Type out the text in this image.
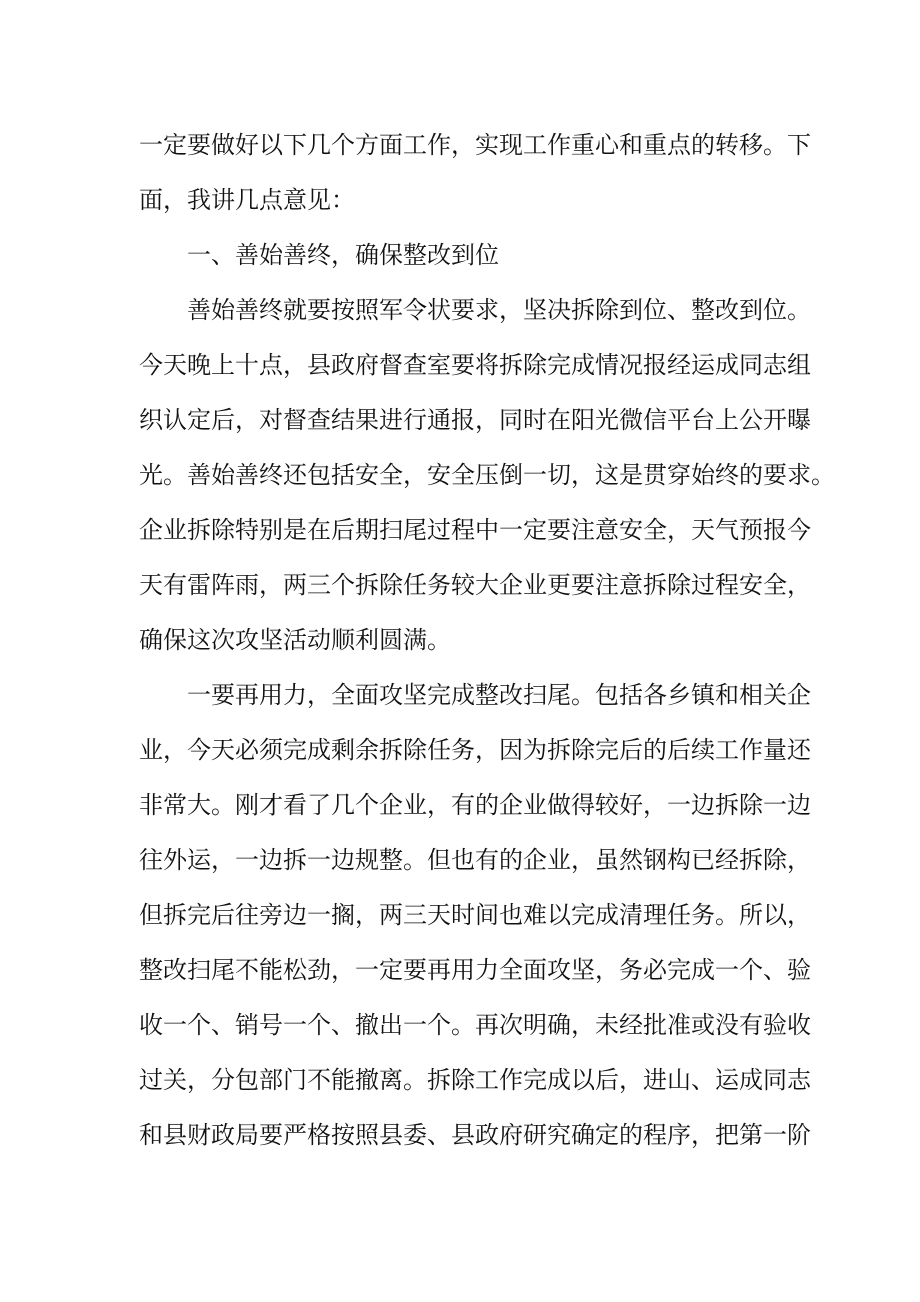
一定要做好以下几个方面工作，实现工作重心和重点的转移。下
面，我讲几点意见：
一、善始善终，确保整改到位
善始善终就要按照军令状要求，坚决拆除到位、整改到位。
今天晚上十点，县政府督查室要将拆除完成情况报经运成同志组
织认定后，对督查结果进行通报，同时在阳光微信平台上公开曝
光。善始善终还包括安全，安全压倒一切，这是贯穿始终的要求。
企业拆除特别是在后期扫尾过程中一定要注意安全，天气预报今
天有雷阵雨，两三个拆除任务较大企业更要注意拆除过程安全，
确保这次攻坚活动顺利圆满。
一要再用力，全面攻坚完成整改扫尾。包括各乡镇和相关企
业，今天必须完成剩余拆除任务，因为拆除完后的后续工作量还
非常大。刚才看了几个企业，有的企业做得较好，一边拆除一边
往外运，一边拆一边规整。但也有的企业，虽然钢构已经拆除，
但拆完后往旁边一搁，两三天时间也难以完成清理任务。所以，
整改扫尾不能松劲，一定要再用力全面攻坚，务必完成一个、验
收一个、销号一个、撤出一个。再次明确，未经批准或没有验收
过关，分包部门不能撤离。拆除工作完成以后，进山、运成同志
和县财政局要严格按照县委、县政府研究确定的程序，把第一阶
